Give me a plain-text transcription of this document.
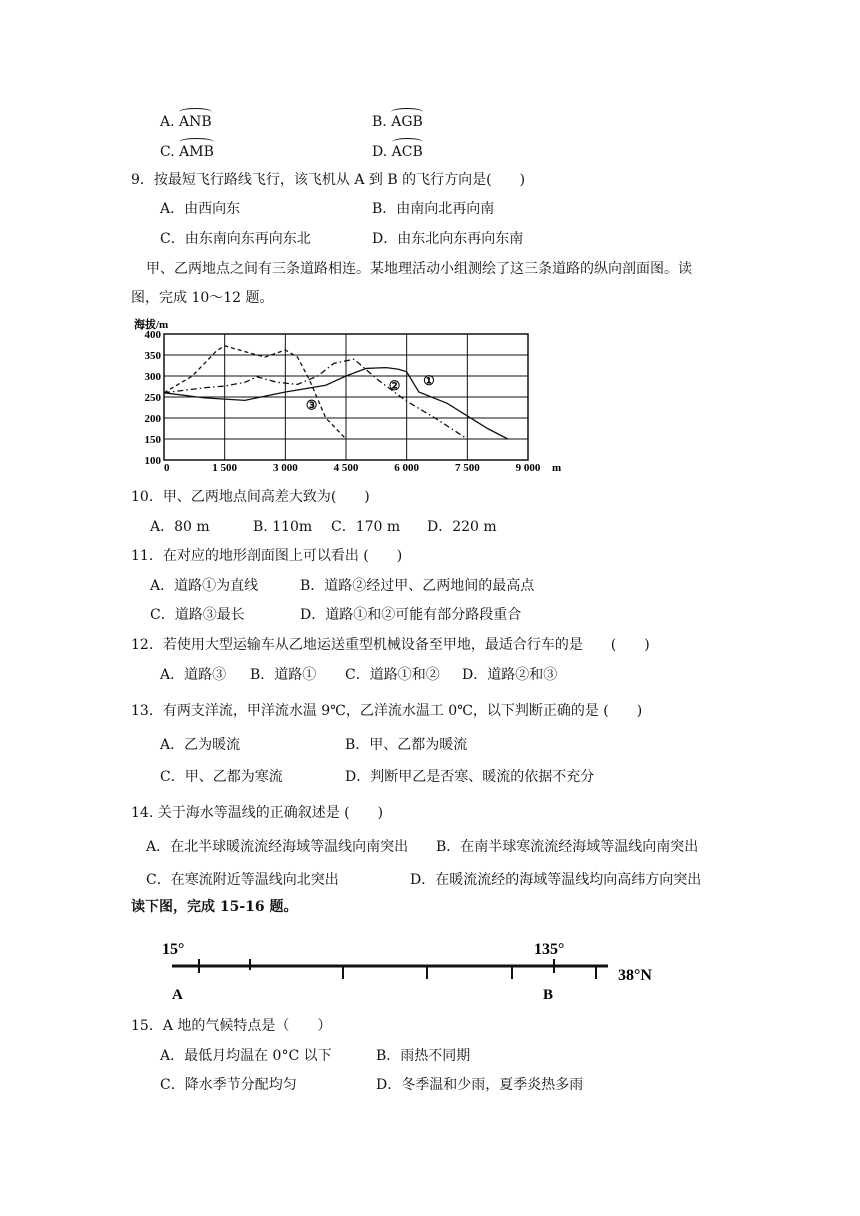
A. ANB	B. AGB
C. AMB	D. ACB
9．按最短飞行路线飞行，该飞机从 A 到 B 的飞行方向是(　　)
A．由西向东	B．由南向北再向南
C．由东南向东再向东北	D．由东北向东再向东南
甲、乙两地点之间有三条道路相连。某地理活动小组测绘了这三条道路的纵向剖面图。读
图，完成 10～12 题。
0	1 500	3 000	4 500	6 000	7 500	9 000
100
150
200
250
300
350
400
海拔/m
m
①
②
③
10．甲、乙两地点间高差大致为(　　)
A．80 m	B. 110m C．170 m D．220 m
11．在对应的地形剖面图上可以看出 (　　)
A．道路①为直线	B．道路②经过甲、乙两地间的最高点
C．道路③最长	D．道路①和②可能有部分路段重合
12．若使用大型运输车从乙地运送重型机械设备至甲地，最适合行车的是　　(　　)
A．道路③ B．道路① C．道路①和② D．道路②和③
13．有两支洋流，甲洋流水温 9℃，乙洋流水温工 0℃，以下判断正确的是 (　　)
A．乙为暖流	B．甲、乙都为暖流
C．甲、乙都为寒流	D．判断甲乙是否寒、暖流的依据不充分
14. 关于海水等温线的正确叙述是 (　　)
A．在北半球暖流流经海域等温线向南突出 B．在南半球寒流流经海域等温线向南突出
C．在寒流附近等温线向北突出	D．在暖流流经的海域等温线均向高纬方向突出
读下图，完成 15-16 题。
15°	135°
38°N
A	B
15．A 地的气候特点是（　　）
A．最低月均温在 0°C 以下	B．雨热不同期
C．降水季节分配均匀	D．冬季温和少雨，夏季炎热多雨
